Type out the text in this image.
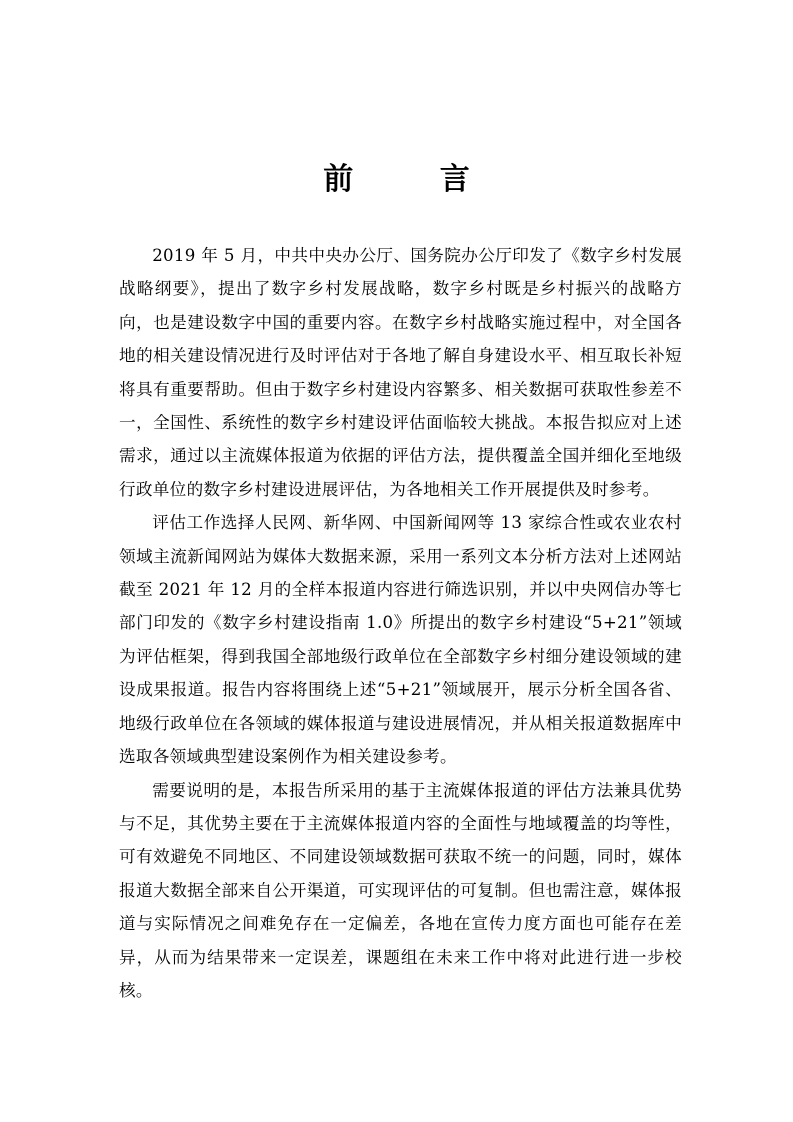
前 言

2019 年 5 月，中共中央办公厅、国务院办公厅印发了《数字乡村发展战略纲要》，提出了数字乡村发展战略，数字乡村既是乡村振兴的战略方向，也是建设数字中国的重要内容。在数字乡村战略实施过程中，对全国各地的相关建设情况进行及时评估对于各地了解自身建设水平、相互取长补短将具有重要帮助。但由于数字乡村建设内容繁多、相关数据可获取性参差不一，全国性、系统性的数字乡村建设评估面临较大挑战。本报告拟应对上述需求，通过以主流媒体报道为依据的评估方法，提供覆盖全国并细化至地级行政单位的数字乡村建设进展评估，为各地相关工作开展提供及时参考。

评估工作选择人民网、新华网、中国新闻网等 13 家综合性或农业农村领域主流新闻网站为媒体大数据来源，采用一系列文本分析方法对上述网站截至 2021 年 12 月的全样本报道内容进行筛选识别，并以中央网信办等七部门印发的《数字乡村建设指南 1.0》所提出的数字乡村建设“5+21”领域为评估框架，得到我国全部地级行政单位在全部数字乡村细分建设领域的建设成果报道。报告内容将围绕上述“5+21”领域展开，展示分析全国各省、地级行政单位在各领域的媒体报道与建设进展情况，并从相关报道数据库中选取各领域典型建设案例作为相关建设参考。

需要说明的是，本报告所采用的基于主流媒体报道的评估方法兼具优势与不足，其优势主要在于主流媒体报道内容的全面性与地域覆盖的均等性，可有效避免不同地区、不同建设领域数据可获取不统一的问题，同时，媒体报道大数据全部来自公开渠道，可实现评估的可复制。但也需注意，媒体报道与实际情况之间难免存在一定偏差，各地在宣传力度方面也可能存在差异，从而为结果带来一定误差，课题组在未来工作中将对此进行进一步校核。
